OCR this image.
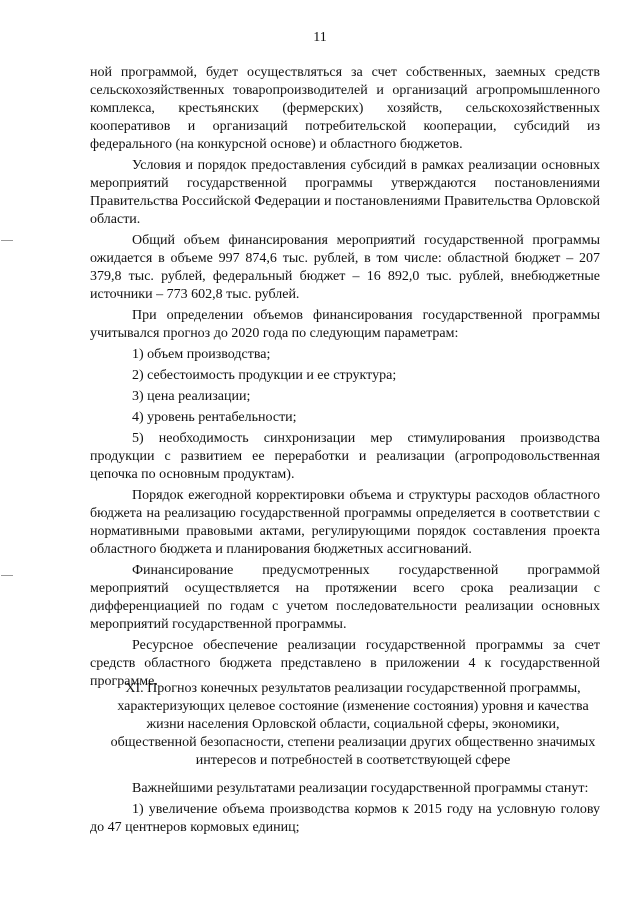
11

ной программой, будет осуществляться за счет собственных, заемных средств сельскохозяйственных товаропроизводителей и организаций агропромышленного комплекса, крестьянских (фермерских) хозяйств, сельскохозяйственных кооперативов и организаций потребительской кооперации, субсидий из федерального (на конкурсной основе) и областного бюджетов.

Условия и порядок предоставления субсидий в рамках реализации основных мероприятий государственной программы утверждаются постановлениями Правительства Российской Федерации и постановлениями Правительства Орловской области.

Общий объем финансирования мероприятий государственной программы ожидается в объеме 997 874,6 тыс. рублей, в том числе: областной бюджет – 207 379,8 тыс. рублей, федеральный бюджет – 16 892,0 тыс. рублей, внебюджетные источники – 773 602,8 тыс. рублей.

При определении объемов финансирования государственной программы учитывался прогноз до 2020 года по следующим параметрам:

1) объем производства;

2) себестоимость продукции и ее структура;

3) цена реализации;

4) уровень рентабельности;

5) необходимость синхронизации мер стимулирования производства продукции с развитием ее переработки и реализации (агропродовольственная цепочка по основным продуктам).

Порядок ежегодной корректировки объема и структуры расходов областного бюджета на реализацию государственной программы определяется в соответствии с нормативными правовыми актами, регулирующими порядок составления проекта областного бюджета и планирования бюджетных ассигнований.

Финансирование предусмотренных государственной программой мероприятий осуществляется на протяжении всего срока реализации с дифференциацией по годам с учетом последовательности реализации основных мероприятий государственной программы.

Ресурсное обеспечение реализации государственной программы за счет средств областного бюджета представлено в приложении 4 к государственной программе.

XI. Прогноз конечных результатов реализации государственной программы, характеризующих целевое состояние (изменение состояния) уровня и качества жизни населения Орловской области, социальной сферы, экономики, общественной безопасности, степени реализации других общественно значимых интересов и потребностей в соответствующей сфере

Важнейшими результатами реализации государственной программы станут:

1) увеличение объема производства кормов к 2015 году на условную голову до 47 центнеров кормовых единиц;
